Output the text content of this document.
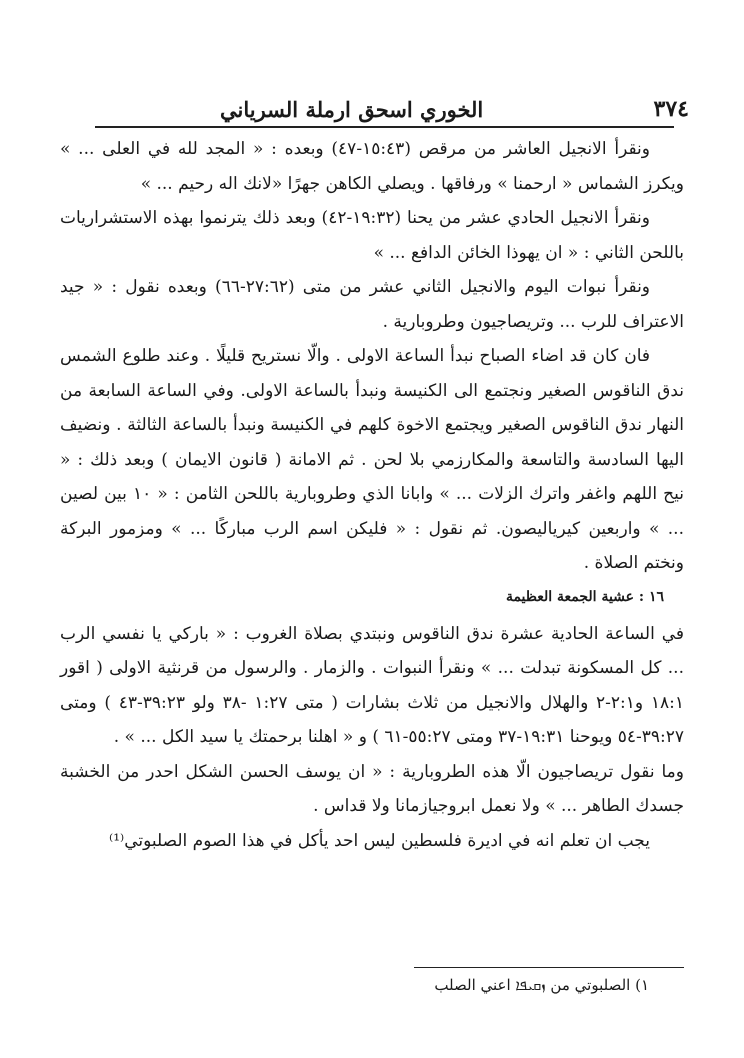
٣٧٤
الخوري اسحق ارملة السرياني

ونقرأ الانجيل العاشر من مرقص (١٥:٤٣-٤٧) وبعده : « المجد لله في العلى ... » ويكرز الشماس « ارحمنا » ورفاقها . ويصلي الكاهن جهرًا «لانك اله رحيم ... »

ونقرأ الانجيل الحادي عشر من يحنا (١٩:٣٢-٤٢) وبعد ذلك يترنموا بهذه الاستشراريات باللحن الثاني : « ان يهوذا الخائن الدافع ... »

ونقرأ نبوات اليوم والانجيل الثاني عشر من متى (٢٧:٦٢-٦٦) وبعده نقول : « جيد الاعتراف للرب ... وتريصاجيون وطروبارية .

فان كان قد اضاء الصباح نبدأ الساعة الاولى . والّا نستريح قليلًا . وعند طلوع الشمس ندق الناقوس الصغير ونجتمع الى الكنيسة ونبدأ بالساعة الاولى. وفي الساعة السابعة من النهار ندق الناقوس الصغير ويجتمع الاخوة كلهم في الكنيسة ونبدأ بالساعة الثالثة . ونضيف اليها السادسة والتاسعة والمكارزمي بلا لحن . ثم الامانة ( قانون الايمان ) وبعد ذلك : « نيح اللهم واغفر واترك الزلات ... » وابانا الذي وطروبارية باللحن الثامن : « ١٠ بين لصين ... » واربعين كيرياليصون. ثم نقول : « فليكن اسم الرب مباركًا ... » ومزمور البركة ونختم الصلاة .

١٦ : عشية الجمعة العظيمة

في الساعة الحادية عشرة ندق الناقوس ونبتدي بصلاة الغروب : « باركي يا نفسي الرب ... كل المسكونة تبدلت ... » ونقرأ النبوات . والزمار . والرسول من قرنثية الاولى ( اقور ١٨:١ و٢:١-٢ والهلال والانجيل من ثلاث بشارات ( متى ١:٢٧ -٣٨ ولو ٣٩:٢٣-٤٣ ) ومتى ٣٩:٢٧-٥٤ ويوحنا ١٩:٣١-٣٧ ومتى ٥٥:٢٧-٦١ ) و « اهلنا برحمتك يا سيد الكل ... » .

وما نقول تريصاجيون الّا هذه الطروبارية : « ان يوسف الحسن الشكل احدر من الخشبة جسدك الطاهر ... » ولا نعمل ابروجيازمانا ولا قداس .

يجب ان تعلم انه في اديرة فلسطين ليس احد يأكل في هذا الصوم الصلبوتي⁽¹⁾

١) الصلبوتي من ܙܩܝܦܐ اعني الصلب
